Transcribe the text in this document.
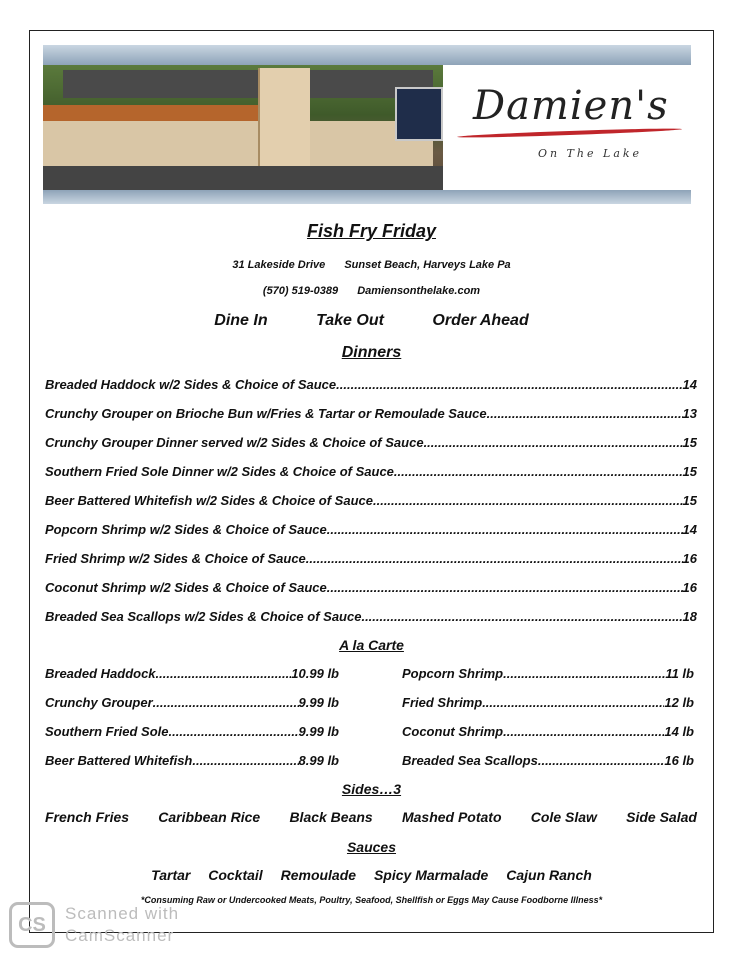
Damien's
On The Lake
Fish Fry Friday
31 Lakeside Drive Sunset Beach, Harveys Lake Pa
(570) 519-0389 Damiensonthelake.com
Dine In	Take Out	Order Ahead
Dinners
Breaded Haddock w/2 Sides & Choice of Sauce .....	14
Crunchy Grouper on Brioche Bun w/Fries & Tartar or Remoulade Sauce .....	13
Crunchy Grouper Dinner served w/2 Sides & Choice of Sauce .....	15
Southern Fried Sole Dinner w/2 Sides & Choice of Sauce .....	15
Beer Battered Whitefish w/2 Sides & Choice of Sauce .....	15
Popcorn Shrimp w/2 Sides & Choice of Sauce .....	14
Fried Shrimp w/2 Sides & Choice of Sauce .....	16
Coconut Shrimp w/2 Sides & Choice of Sauce .....	16
Breaded Sea Scallops w/2 Sides & Choice of Sauce .....	18
A la Carte
Breaded Haddock .....	10.99 lb
Crunchy Grouper .....	9.99 lb
Southern Fried Sole .....	9.99 lb
Beer Battered Whitefish .....	8.99 lb
Popcorn Shrimp .....	11 lb
Fried Shrimp .....	12 lb
Coconut Shrimp .....	14 lb
Breaded Sea Scallops .....	16 lb
Sides…3
French Fries Caribbean Rice Black Beans Mashed Potato Cole Slaw Side Salad
Sauces
Tartar Cocktail Remoulade Spicy Marmalade Cajun Ranch
*Consuming Raw or Undercooked Meats, Poultry, Seafood, Shellfish or Eggs May Cause Foodborne Illness*
CS	Scanned with
CamScanner
